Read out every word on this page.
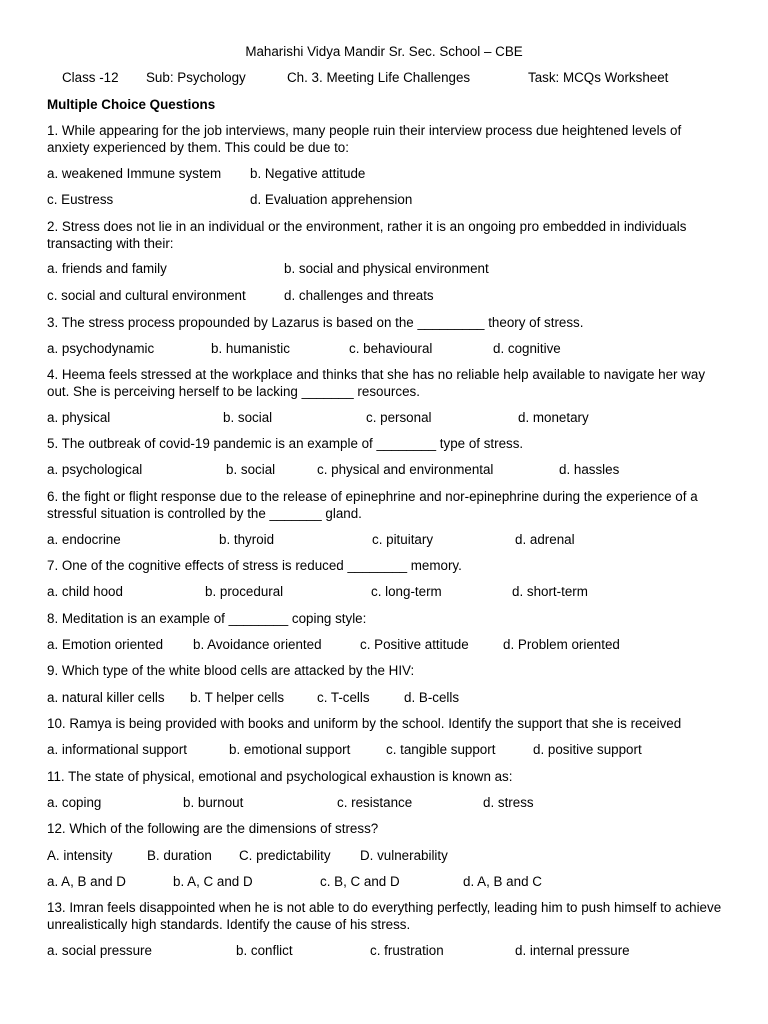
Maharishi Vidya Mandir Sr. Sec. School – CBE
Class -12 Sub: Psychology	Ch. 3. Meeting Life Challenges	Task: MCQs Worksheet
Multiple Choice Questions
1. While appearing for the job interviews, many people ruin their interview process due heightened levels of anxiety experienced by them. This could be due to:
a. weakened Immune system b. Negative attitude
c. Eustress	d. Evaluation apprehension
2. Stress does not lie in an individual or the environment, rather it is an ongoing pro embedded in individuals transacting with their:
a. friends and family	b. social and physical environment
c. social and cultural environment	d. challenges and threats
3. The stress process propounded by Lazarus is based on the _________ theory of stress.
a. psychodynamic	b. humanistic	c. behavioural	d. cognitive
4. Heema feels stressed at the workplace and thinks that she has no reliable help available to navigate her way out. She is perceiving herself to be lacking _______ resources.
a. physical	b. social	c. personal	d. monetary
5. The outbreak of covid-19 pandemic is an example of ________ type of stress.
a. psychological	b. social	c. physical and environmental	d. hassles
6. the fight or flight response due to the release of epinephrine and nor-epinephrine during the experience of a stressful situation is controlled by the _______ gland.
a. endocrine	b. thyroid	c. pituitary	d. adrenal
7. One of the cognitive effects of stress is reduced ________ memory.
a. child hood	b. procedural	c. long-term	d. short-term
8. Meditation is an example of ________ coping style:
a. Emotion oriented b. Avoidance oriented	c. Positive attitude	d. Problem oriented
9. Which type of the white blood cells are attacked by the HIV:
a. natural killer cells b. T helper cells c. T-cells	d. B-cells
10. Ramya is being provided with books and uniform by the school. Identify the support that she is received
a. informational support	b. emotional support	c. tangible support	d. positive support
11. The state of physical, emotional and psychological exhaustion is known as:
a. coping	b. burnout	c. resistance	d. stress
12. Which of the following are the dimensions of stress?
A. intensity	B. duration C. predictability D. vulnerability
a. A, B and D	b. A, C and D	c. B, C and D	d. A, B and C
13. Imran feels disappointed when he is not able to do everything perfectly, leading him to push himself to achieve unrealistically high standards. Identify the cause of his stress.
a. social pressure	b. conflict	c. frustration	d. internal pressure
